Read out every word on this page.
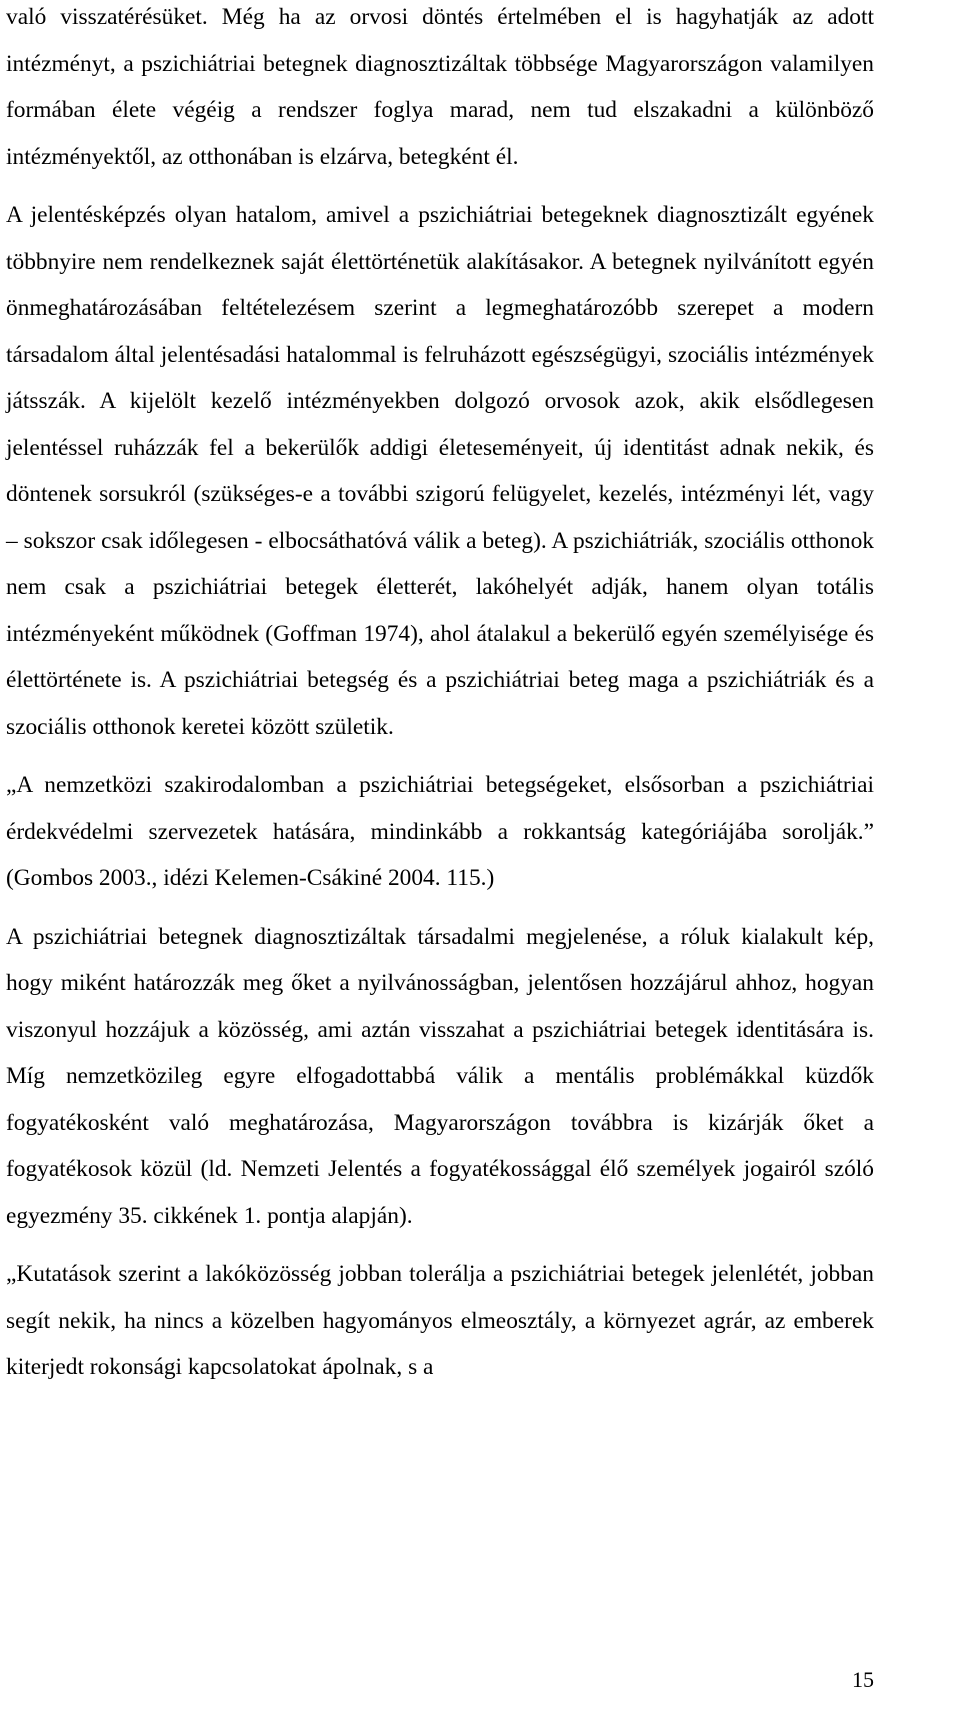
való visszatérésüket. Még ha az orvosi döntés értelmében el is hagyhatják az adott intézményt, a pszichiátriai betegnek diagnosztizáltak többsége Magyarországon valamilyen formában élete végéig a rendszer foglya marad, nem tud elszakadni a különböző intézményektől, az otthonában is elzárva, betegként él.

A jelentésképzés olyan hatalom, amivel a pszichiátriai betegeknek diagnosztizált egyének többnyire nem rendelkeznek saját élettörténetük alakításakor. A betegnek nyilvánított egyén önmeghatározásában feltételezésem szerint a legmeghatározóbb szerepet a modern társadalom által jelentésadási hatalommal is felruházott egészségügyi, szociális intézmények játsszák. A kijelölt kezelő intézményekben dolgozó orvosok azok, akik elsődlegesen jelentéssel ruházzák fel a bekerülők addigi életeseményeit, új identitást adnak nekik, és döntenek sorsukról (szükséges-e a további szigorú felügyelet, kezelés, intézményi lét, vagy – sokszor csak időlegesen - elbocsáthatóvá válik a beteg). A pszichiátriák, szociális otthonok nem csak a pszichiátriai betegek életterét, lakóhelyét adják, hanem olyan totális intézményeként működnek (Goffman 1974), ahol átalakul a bekerülő egyén személyisége és élettörténete is. A pszichiátriai betegség és a pszichiátriai beteg maga a pszichiátriák és a szociális otthonok keretei között születik.

„A nemzetközi szakirodalomban a pszichiátriai betegségeket, elsősorban a pszichiátriai érdekvédelmi szervezetek hatására, mindinkább a rokkantság kategóriájába sorolják.” (Gombos 2003., idézi Kelemen-Csákiné 2004. 115.)

A pszichiátriai betegnek diagnosztizáltak társadalmi megjelenése, a róluk kialakult kép, hogy miként határozzák meg őket a nyilvánosságban, jelentősen hozzájárul ahhoz, hogyan viszonyul hozzájuk a közösség, ami aztán visszahat a pszichiátriai betegek identitására is. Míg nemzetközileg egyre elfogadottabbá válik a mentális problémákkal küzdők fogyatékosként való meghatározása, Magyarországon továbbra is kizárják őket a fogyatékosok közül (ld. Nemzeti Jelentés a fogyatékossággal élő személyek jogairól szóló egyezmény 35. cikkének 1. pontja alapján).

„Kutatások szerint a lakóközösség jobban tolerálja a pszichiátriai betegek jelenlétét, jobban segít nekik, ha nincs a közelben hagyományos elmeosztály, a környezet agrár, az emberek kiterjedt rokonsági kapcsolatokat ápolnak, s a

15
